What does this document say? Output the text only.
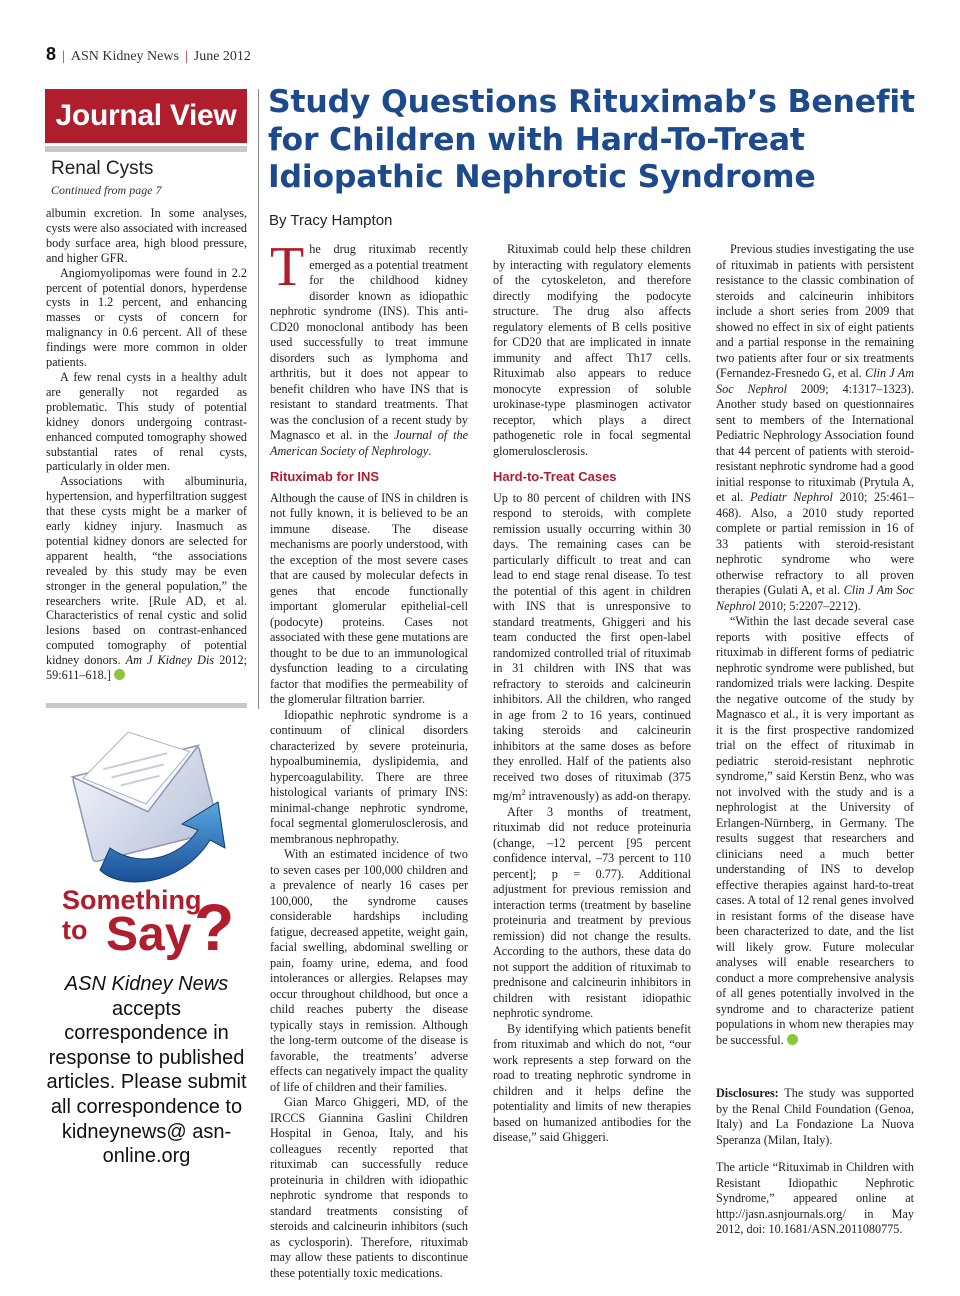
8 | ASN Kidney News | June 2012
Journal View
Renal Cysts
Continued from page 7

albumin excretion. In some analyses, cysts were also associated with increased body surface area, high blood pressure, and higher GFR.

Angiomyolipomas were found in 2.2 percent of potential donors, hyperdense cysts in 1.2 percent, and enhancing masses or cysts of concern for malignancy in 0.6 percent. All of these findings were more common in older patients.

A few renal cysts in a healthy adult are generally not regarded as problematic. This study of potential kidney donors undergoing contrast-enhanced computed tomography showed substantial rates of renal cysts, particularly in older men.

Associations with albuminuria, hypertension, and hyperfiltration suggest that these cysts might be a marker of early kidney injury. Inasmuch as potential kidney donors are selected for apparent health, “the associations revealed by this study may be even stronger in the general population,” the researchers write. [Rule AD, et al. Characteristics of renal cystic and solid lesions based on contrast-enhanced computed tomography of potential kidney donors. Am J Kidney Dis 2012; 59:611–618.]

Something
to Say ?
ASN Kidney News
accepts correspondence in response to published articles. Please submit all correspondence to kidneynews@ asn-online.org
Study Questions Rituximab’s Benefit for Children with Hard-To-Treat Idiopathic Nephrotic Syndrome
By Tracy Hampton

The drug rituximab recently emerged as a potential treatment for the childhood kidney disorder known as idiopathic nephrotic syndrome (INS). This anti-CD20 monoclonal antibody has been used successfully to treat immune disorders such as lymphoma and arthritis, but it does not appear to benefit children who have INS that is resistant to standard treatments. That was the conclusion of a recent study by Magnasco et al. in the Journal of the American Society of Nephrology.

Rituximab for INS

Although the cause of INS in children is not fully known, it is believed to be an immune disease. The disease mechanisms are poorly understood, with the exception of the most severe cases that are caused by molecular defects in genes that encode functionally important glomerular epithelial-cell (podocyte) proteins. Cases not associated with these gene mutations are thought to be due to an immunological dysfunction leading to a circulating factor that modifies the permeability of the glomerular filtration barrier.

Idiopathic nephrotic syndrome is a continuum of clinical disorders characterized by severe proteinuria, hypoalbuminemia, dyslipidemia, and hypercoagulability. There are three histological variants of primary INS: minimal-change nephrotic syndrome, focal segmental glomerulosclerosis, and membranous nephropathy.

With an estimated incidence of two to seven cases per 100,000 children and a prevalence of nearly 16 cases per 100,000, the syndrome causes considerable hardships including fatigue, decreased appetite, weight gain, facial swelling, abdominal swelling or pain, foamy urine, edema, and food intolerances or allergies. Relapses may occur throughout childhood, but once a child reaches puberty the disease typically stays in remission. Although the long-term outcome of the disease is favorable, the treatments’ adverse effects can negatively impact the quality of life of children and their families.

Gian Marco Ghiggeri, MD, of the IRCCS Giannina Gaslini Children Hospital in Genoa, Italy, and his colleagues recently reported that rituximab can successfully reduce proteinuria in children with idiopathic nephrotic syndrome that responds to standard treatments consisting of steroids and calcineurin inhibitors (such as cyclosporin). Therefore, rituximab may allow these patients to discontinue these potentially toxic medications.

Rituximab could help these children by interacting with regulatory elements of the cytoskeleton, and therefore directly modifying the podocyte structure. The drug also affects regulatory elements of B cells positive for CD20 that are implicated in innate immunity and affect Th17 cells. Rituximab also appears to reduce monocyte expression of soluble urokinase-type plasminogen activator receptor, which plays a direct pathogenetic role in focal segmental glomerulosclerosis.

Hard-to-Treat Cases

Up to 80 percent of children with INS respond to steroids, with complete remission usually occurring within 30 days. The remaining cases can be particularly difficult to treat and can lead to end stage renal disease. To test the potential of this agent in children with INS that is unresponsive to standard treatments, Ghiggeri and his team conducted the first open-label randomized controlled trial of rituximab in 31 children with INS that was refractory to steroids and calcineurin inhibitors. All the children, who ranged in age from 2 to 16 years, continued taking steroids and calcineurin inhibitors at the same doses as before they enrolled. Half of the patients also received two doses of rituximab (375 $mg/m^2$ intravenously) as add-on therapy.

After 3 months of treatment, rituximab did not reduce proteinuria (change, –12 percent [95 percent confidence interval, –73 percent to 110 percent]; p = 0.77). Additional adjustment for previous remission and interaction terms (treatment by baseline proteinuria and treatment by previous remission) did not change the results. According to the authors, these data do not support the addition of rituximab to prednisone and calcineurin inhibitors in children with resistant idiopathic nephrotic syndrome.

By identifying which patients benefit from rituximab and which do not, “our work represents a step forward on the road to treating nephrotic syndrome in children and it helps define the potentiality and limits of new therapies based on humanized antibodies for the disease,” said Ghiggeri.

Previous studies investigating the use of rituximab in patients with persistent resistance to the classic combination of steroids and calcineurin inhibitors include a short series from 2009 that showed no effect in six of eight patients and a partial response in the remaining two patients after four or six treatments (Fernandez-Fresnedo G, et al. Clin J Am Soc Nephrol 2009; 4:1317–1323). Another study based on questionnaires sent to members of the International Pediatric Nephrology Association found that 44 percent of patients with steroid-resistant nephrotic syndrome had a good initial response to rituximab (Prytula A, et al. Pediatr Nephrol 2010; 25:461–468). Also, a 2010 study reported complete or partial remission in 16 of 33 patients with steroid-resistant nephrotic syndrome who were otherwise refractory to all proven therapies (Gulati A, et al. Clin J Am Soc Nephrol 2010; 5:2207–2212).

“Within the last decade several case reports with positive effects of rituximab in different forms of pediatric nephrotic syndrome were published, but randomized trials were lacking. Despite the negative outcome of the study by Magnasco et al., it is very important as it is the first prospective randomized trial on the effect of rituximab in pediatric steroid-resistant nephrotic syndrome,” said Kerstin Benz, who was not involved with the study and is a nephrologist at the University of Erlangen-Nürnberg, in Germany. The results suggest that researchers and clinicians need a much better understanding of INS to develop effective therapies against hard-to-treat cases. A total of 12 renal genes involved in resistant forms of the disease have been characterized to date, and the list will likely grow. Future molecular analyses will enable researchers to conduct a more comprehensive analysis of all genes potentially involved in the syndrome and to characterize patient populations in whom new therapies may be successful.

Disclosures: The study was supported by the Renal Child Foundation (Genoa, Italy) and La Fondazione La Nuova Speranza (Milan, Italy).

The article “Rituximab in Children with Resistant Idiopathic Nephrotic Syndrome,” appeared online at http://jasn.asnjournals.org/ in May 2012, doi: 10.1681/ASN.2011080775.
